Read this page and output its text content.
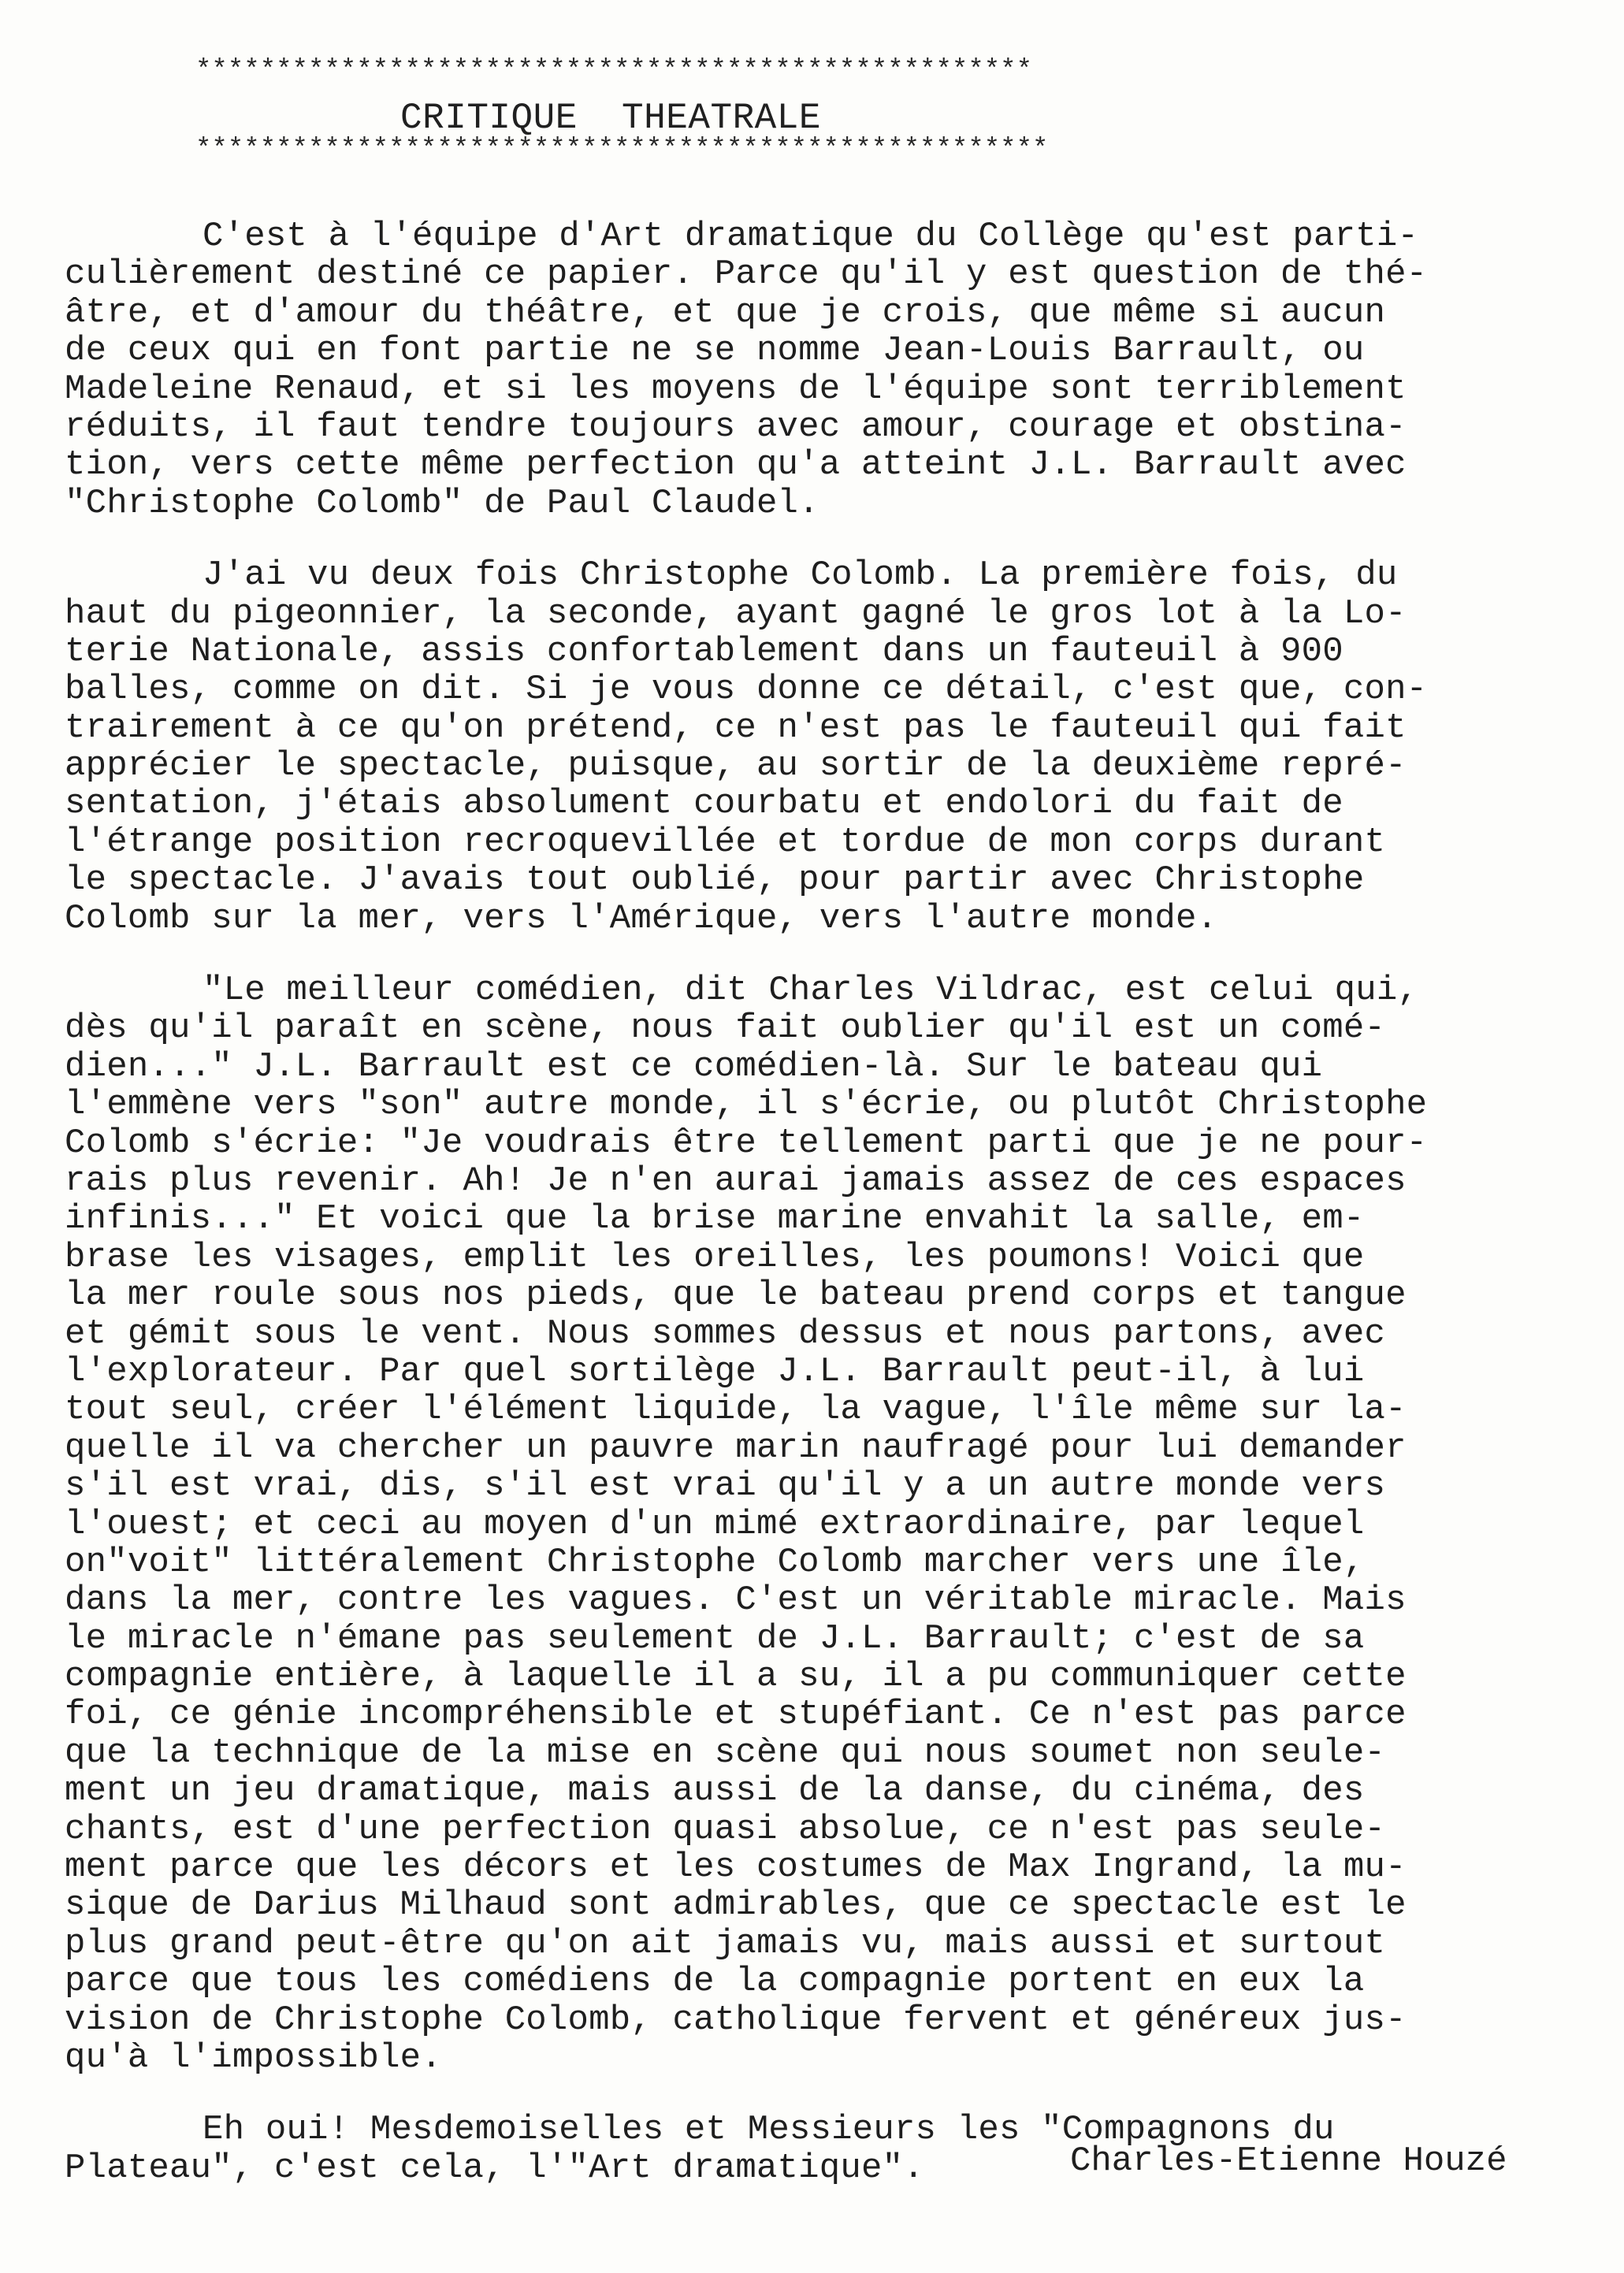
****************************************************
CRITIQUE  THEATRALE
*****************************************************
C'est à l'équipe d'Art dramatique du Collège qu'est parti-
culièrement destiné ce papier. Parce qu'il y est question de thé-
âtre, et d'amour du théâtre, et que je crois, que même si aucun
de ceux qui en font partie ne se nomme Jean-Louis Barrault, ou
Madeleine Renaud, et si les moyens de l'équipe sont terriblement
réduits, il faut tendre toujours avec amour, courage et obstina-
tion, vers cette même perfection qu'a atteint J.L. Barrault avec
"Christophe Colomb" de Paul Claudel.
J'ai vu deux fois Christophe Colomb. La première fois, du
haut du pigeonnier, la seconde, ayant gagné le gros lot à la Lo-
terie Nationale, assis confortablement dans un fauteuil à 900
balles, comme on dit. Si je vous donne ce détail, c'est que, con-
trairement à ce qu'on prétend, ce n'est pas le fauteuil qui fait
apprécier le spectacle, puisque, au sortir de la deuxième repré-
sentation, j'étais absolument courbatu et endolori du fait de
l'étrange position recroquevillée et tordue de mon corps durant
le spectacle. J'avais tout oublié, pour partir avec Christophe
Colomb sur la mer, vers l'Amérique, vers l'autre monde.
"Le meilleur comédien, dit Charles Vildrac, est celui qui,
dès qu'il paraît en scène, nous fait oublier qu'il est un comé-
dien..." J.L. Barrault est ce comédien-là. Sur le bateau qui
l'emmène vers "son" autre monde, il s'écrie, ou plutôt Christophe
Colomb s'écrie: "Je voudrais être tellement parti que je ne pour-
rais plus revenir. Ah! Je n'en aurai jamais assez de ces espaces
infinis..." Et voici que la brise marine envahit la salle, em-
brase les visages, emplit les oreilles, les poumons! Voici que
la mer roule sous nos pieds, que le bateau prend corps et tangue
et gémit sous le vent. Nous sommes dessus et nous partons, avec
l'explorateur. Par quel sortilège J.L. Barrault peut-il, à lui
tout seul, créer l'élément liquide, la vague, l'île même sur la-
quelle il va chercher un pauvre marin naufragé pour lui demander
s'il est vrai, dis, s'il est vrai qu'il y a un autre monde vers
l'ouest; et ceci au moyen d'un mimé extraordinaire, par lequel
on"voit" littéralement Christophe Colomb marcher vers une île,
dans la mer, contre les vagues. C'est un véritable miracle. Mais
le miracle n'émane pas seulement de J.L. Barrault; c'est de sa
compagnie entière, à laquelle il a su, il a pu communiquer cette
foi, ce génie incompréhensible et stupéfiant. Ce n'est pas parce
que la technique de la mise en scène qui nous soumet non seule-
ment un jeu dramatique, mais aussi de la danse, du cinéma, des
chants, est d'une perfection quasi absolue, ce n'est pas seule-
ment parce que les décors et les costumes de Max Ingrand, la mu-
sique de Darius Milhaud sont admirables, que ce spectacle est le
plus grand peut-être qu'on ait jamais vu, mais aussi et surtout
parce que tous les comédiens de la compagnie portent en eux la
vision de Christophe Colomb, catholique fervent et généreux jus-
qu'à l'impossible.
Eh oui! Mesdemoiselles et Messieurs les "Compagnons du
Plateau", c'est cela, l'"Art dramatique".	Charles-Etienne Houzé
